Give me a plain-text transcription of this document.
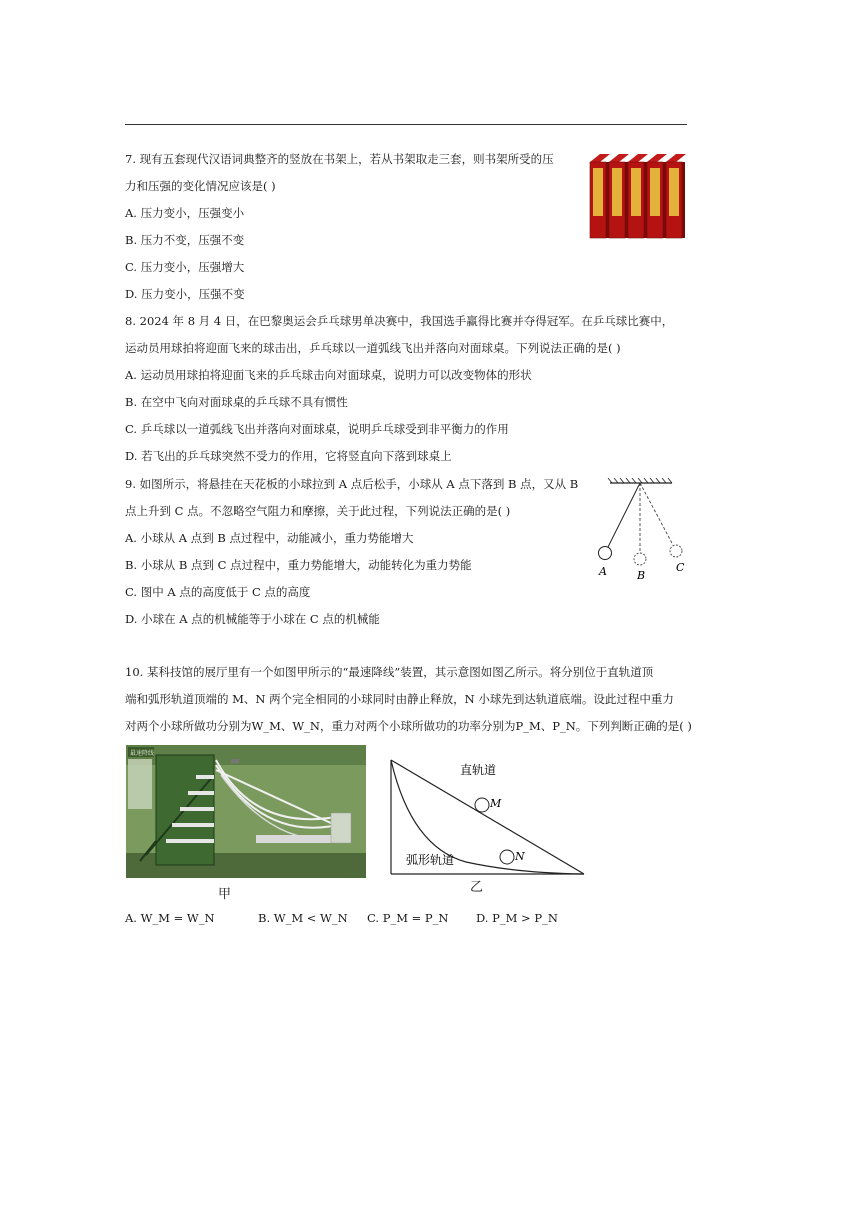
7. 现有五套现代汉语词典整齐的竖放在书架上，若从书架取走三套，则书架所受的压
力和压强的变化情况应该是( )
A. 压力变小，压强变小
B. 压力不变，压强不变
C. 压力变小，压强增大
D. 压力变小，压强不变
8. 2024 年 8 月 4 日，在巴黎奥运会乒乓球男单决赛中，我国选手赢得比赛并夺得冠军。在乒乓球比赛中，
运动员用球拍将迎面飞来的球击出，乒乓球以一道弧线飞出并落向对面球桌。下列说法正确的是( )
A. 运动员用球拍将迎面飞来的乒乓球击向对面球桌，说明力可以改变物体的形状
B. 在空中飞向对面球桌的乒乓球不具有惯性
C. 乒乓球以一道弧线飞出并落向对面球桌，说明乒乓球受到非平衡力的作用
D. 若飞出的乒乓球突然不受力的作用，它将竖直向下落到球桌上
9. 如图所示，将悬挂在天花板的小球拉到 A 点后松手，小球从 A 点下落到 B 点，又从 B
点上升到 C 点。不忽略空气阻力和摩擦，关于此过程，下列说法正确的是( )
A. 小球从 A 点到 B 点过程中，动能减小，重力势能增大
B. 小球从 B 点到 C 点过程中，重力势能增大，动能转化为重力势能
C. 图中 A 点的高度低于 C 点的高度
D. 小球在 A 点的机械能等于小球在 C 点的机械能
A	B
C
10. 某科技馆的展厅里有一个如图甲所示的“最速降线”装置，其示意图如图乙所示。将分别位于直轨道顶
端和弧形轨道顶端的 M、N 两个完全相同的小球同时由静止释放，N 小球先到达轨道底端。设此过程中重力
对两个小球所做功分别为W_M、W_N，重力对两个小球所做功的功率分别为P_M、P_N。下列判断正确的是( )
最速降线
甲
直轨道
M
N
弧形轨道
乙
A. W_M = W_N	B. W_M < W_N C. P_M = P_N D. P_M > P_N
